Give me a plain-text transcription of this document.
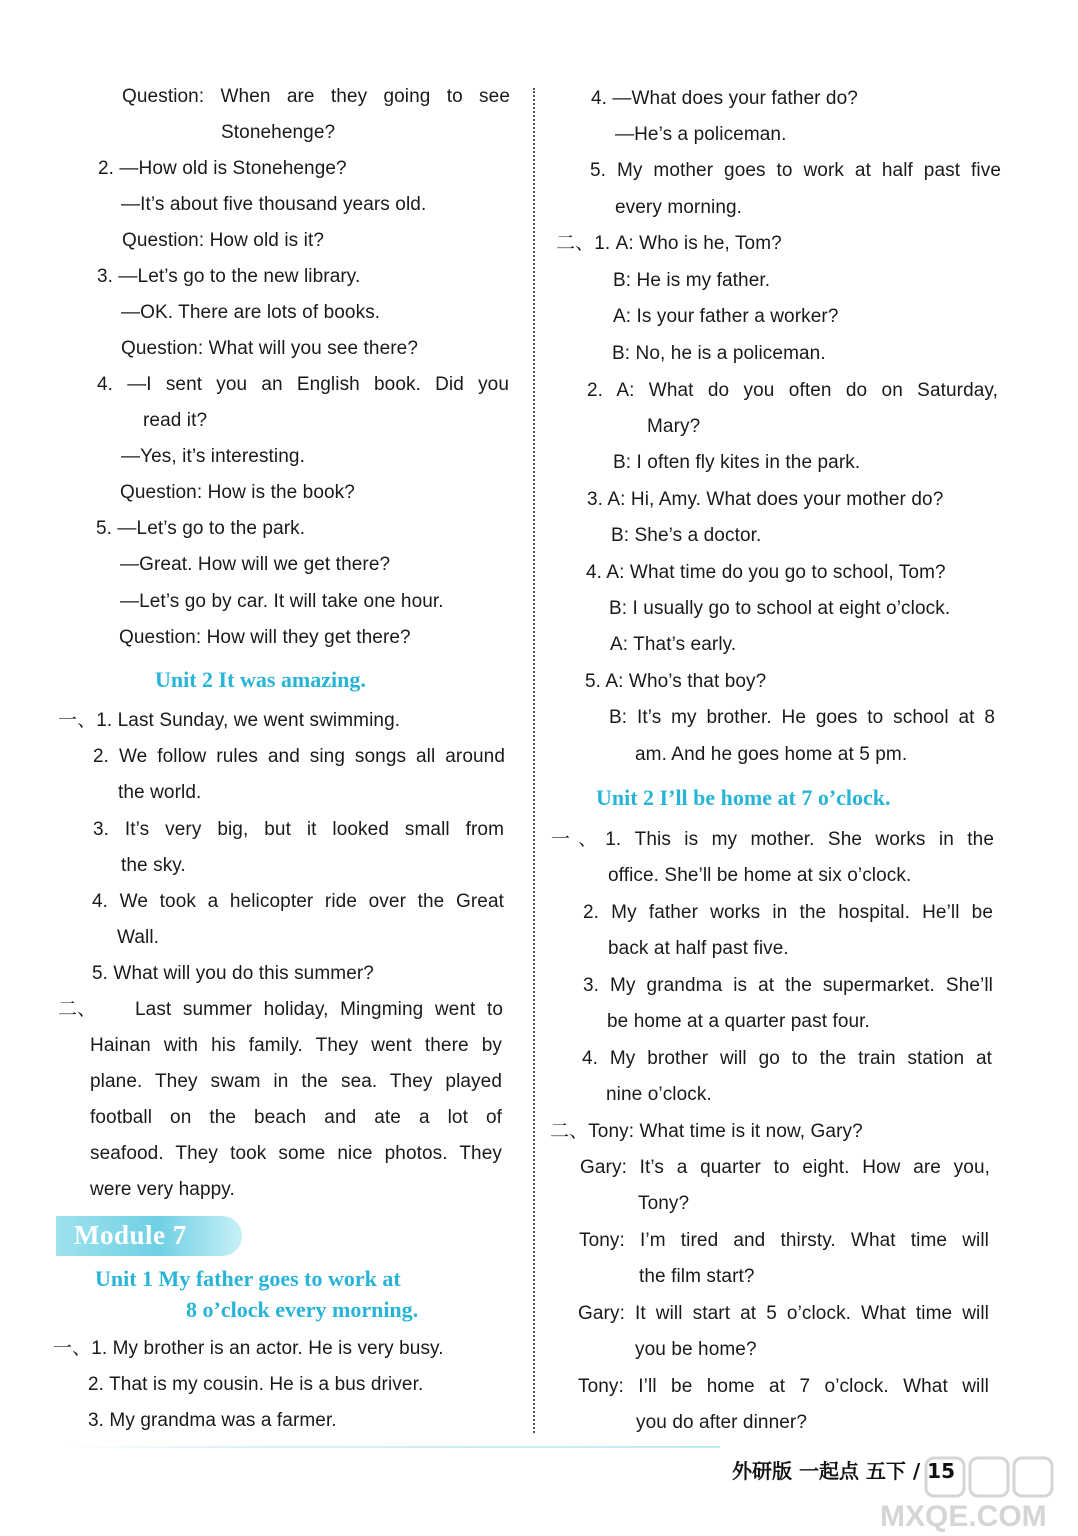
Question: When are they going to see
Stonehenge?
2. —How old is Stonehenge?
—It’s about five thousand years old.
Question: How old is it?
3. —Let’s go to the new library.
—OK. There are lots of books.
Question: What will you see there?
4. —I sent you an English book. Did you
read it?
—Yes, it’s interesting.
Question: How is the book?
5. —Let’s go to the park.
—Great. How will we get there?
—Let’s go by car. It will take one hour.
Question: How will they get there?
Unit 2 It was amazing.
一、1. Last Sunday, we went swimming.
2. We follow rules and sing songs all around
the world.
3. It’s very big, but it looked small from
the sky.
4. We took a helicopter ride over the Great
Wall.
5. What will you do this summer?
二、 Last summer holiday, Mingming went to
Hainan with his family. They went there by
plane. They swam in the sea. They played
football on the beach and ate a lot of
seafood. They took some nice photos. They
were very happy.
Module 7
Unit 1 My father goes to work at
8 o’clock every morning.
一、1. My brother is an actor. He is very busy.
2. That is my cousin. He is a bus driver.
3. My grandma was a farmer.
4. —What does your father do?
—He’s a policeman.
5. My mother goes to work at half past five
every morning.
二、1. A: Who is he, Tom?
B: He is my father.
A: Is your father a worker?
B: No, he is a policeman.
2. A: What do you often do on Saturday,
Mary?
B: I often fly kites in the park.
3. A: Hi, Amy. What does your mother do?
B: She’s a doctor.
4. A: What time do you go to school, Tom?
B: I usually go to school at eight o’clock.
A: That’s early.
5. A: Who’s that boy?
B: It’s my brother. He goes to school at 8
am. And he goes home at 5 pm.
Unit 2 I’ll be home at 7 o’clock.
一、1. This is my mother. She works in the
office. She’ll be home at six o’clock.
2. My father works in the hospital. He’ll be
back at half past five.
3. My grandma is at the supermarket. She’ll
be home at a quarter past four.
4. My brother will go to the train station at
nine o’clock.
二、Tony: What time is it now, Gary?
Gary: It’s a quarter to eight. How are you,
Tony?
Tony: I’m tired and thirsty. What time will
the film start?
Gary: It will start at 5 o’clock. What time will
you be home?
Tony: I’ll be home at 7 o’clock. What will
you do after dinner?
外研版 一起点 五下 / 15
MXQE.COM
